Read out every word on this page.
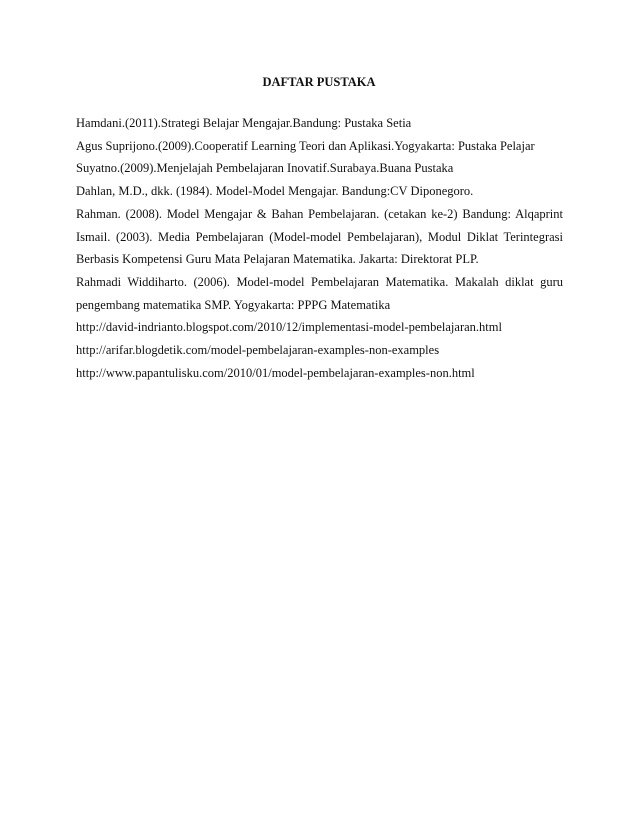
DAFTAR PUSTAKA
Hamdani.(2011).Strategi Belajar Mengajar.Bandung: Pustaka Setia
Agus Suprijono.(2009).Cooperatif Learning Teori dan Aplikasi.Yogyakarta: Pustaka Pelajar
Suyatno.(2009).Menjelajah Pembelajaran Inovatif.Surabaya.Buana Pustaka
Dahlan, M.D., dkk. (1984). Model-Model Mengajar. Bandung:CV Diponegoro.
Rahman. (2008). Model Mengajar & Bahan Pembelajaran. (cetakan ke-2) Bandung: Alqaprint
Ismail. (2003). Media Pembelajaran (Model-model Pembelajaran), Modul Diklat Terintegrasi
Berbasis Kompetensi Guru Mata Pelajaran Matematika. Jakarta: Direktorat PLP.
Rahmadi Widdiharto. (2006). Model-model Pembelajaran Matematika. Makalah diklat guru
pengembang matematika SMP. Yogyakarta: PPPG Matematika
http://david-indrianto.blogspot.com/2010/12/implementasi-model-pembelajaran.html
http://arifar.blogdetik.com/model-pembelajaran-examples-non-examples
http://www.papantulisku.com/2010/01/model-pembelajaran-examples-non.html
